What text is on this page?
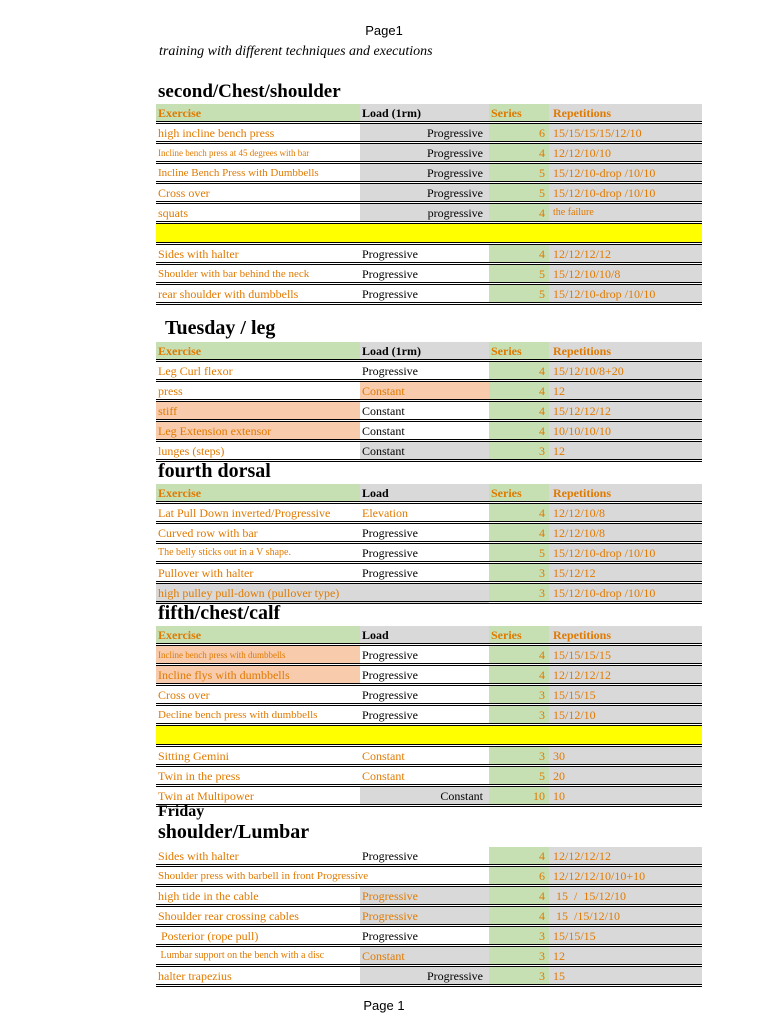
Page1
training with different techniques and executions
second/Chest/shoulder
Exercise	Load (1rm)	Series	Repetitions
high incline bench press	Progressive	6	15/15/15/15/12/10
Incline bench press at 45 degrees with bar	Progressive	4	12/12/10/10
Incline Bench Press with Dumbbells	Progressive	5	15/12/10-drop /10/10
Cross over	Progressive	5	15/12/10-drop /10/10
squats	progressive	4	the failure

Sides with halter	Progressive	4	12/12/12/12
Shoulder with bar behind the neck	Progressive	5	15/12/10/10/8
rear shoulder with dumbbells	Progressive	5	15/12/10-drop /10/10
Tuesday / leg
Exercise	Load (1rm)	Series	Repetitions
Leg Curl flexor	Progressive	4	15/12/10/8+20
press	Constant	4	12
stiff	Constant	4	15/12/12/12
Leg Extension extensor	Constant	4	10/10/10/10
lunges (steps)	Constant	3	12
fourth dorsal
Exercise	Load	Series	Repetitions
Lat Pull Down inverted/Progressive	Elevation	4	12/12/10/8
Curved row with bar	Progressive	4	12/12/10/8
The belly sticks out in a V shape.	Progressive	5	15/12/10-drop /10/10
Pullover with halter	Progressive	3	15/12/12
high pulley pull-down (pullover type)		3	15/12/10-drop /10/10
fifth/chest/calf
Exercise	Load	Series	Repetitions
Incline bench press with dumbbells	Progressive	4	15/15/15/15
Incline flys with dumbbells	Progressive	4	12/12/12/12
Cross over	Progressive	3	15/15/15
Decline bench press with dumbbells	Progressive	3	15/12/10

Sitting Gemini	Constant	3	30
Twin in the press	Constant	5	20
Twin at Multipower	Constant	10	10
Friday
shoulder/Lumbar
Sides with halter	Progressive	4	12/12/12/12
Shoulder press with barbell in front Progressive		6	12/12/12/10/10+10
high tide in the cable	Progressive	4	15  /  15/12/10
Shoulder rear crossing cables	Progressive	4	15  /15/12/10
Posterior (rope pull)	Progressive	3	15/15/15
Lumbar support on the bench with a disc	Constant	3	12
halter trapezius	Progressive	3	15
Page 1
